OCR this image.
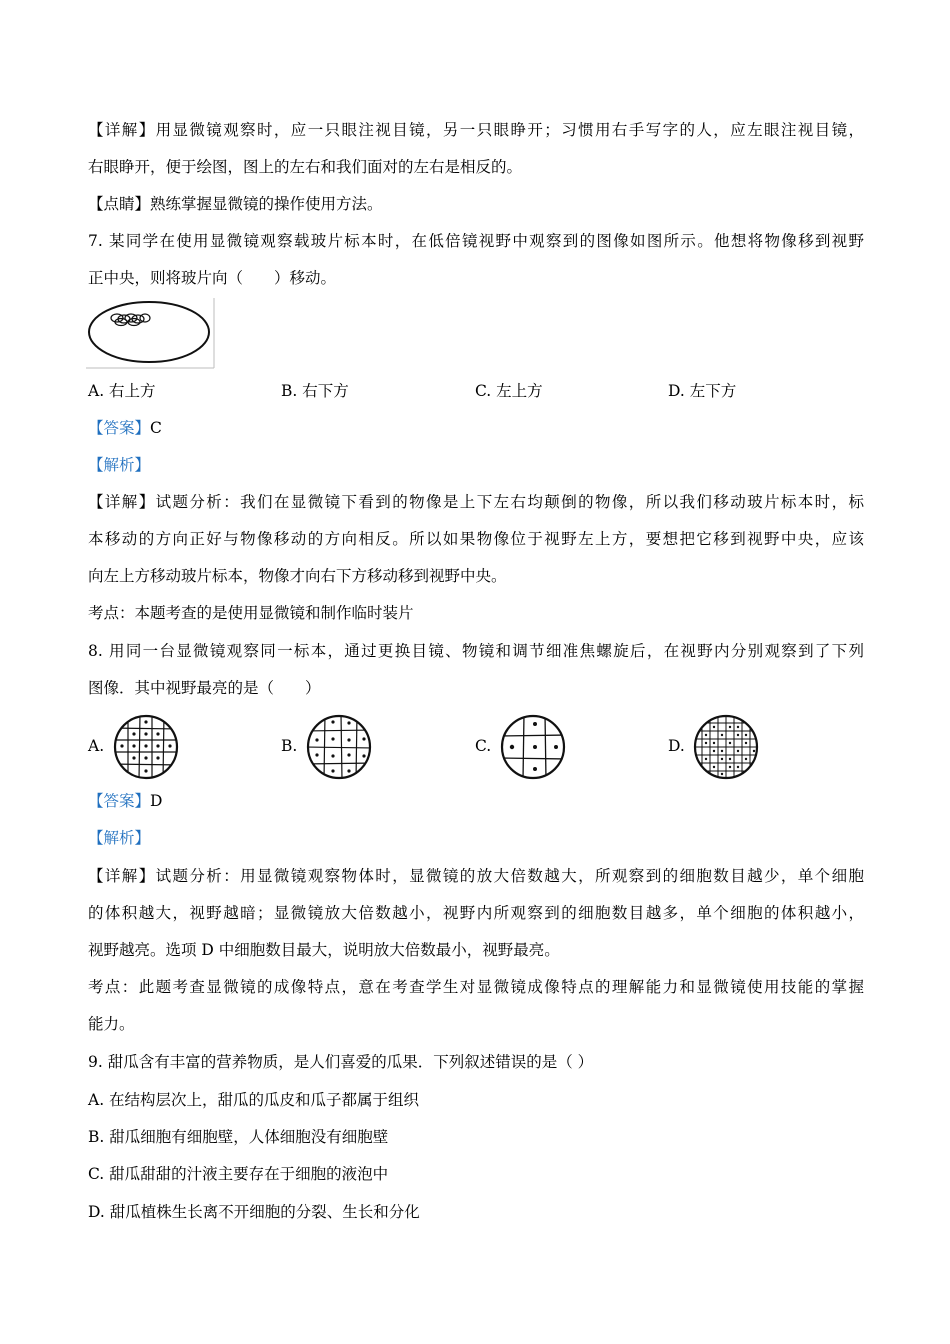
【详解】用显微镜观察时，应一只眼注视目镜，另一只眼睁开；习惯用右手写字的人，应左眼注视目镜，
右眼睁开，便于绘图，图上的左右和我们面对的左右是相反的。
【点睛】熟练掌握显微镜的操作使用方法。
7. 某同学在使用显微镜观察载玻片标本时，在低倍镜视野中观察到的图像如图所示。他想将物像移到视野
正中央，则将玻片向（　　）移动。
A. 右上方	B. 右下方	C. 左上方	D. 左下方
【答案】C
【解析】
【详解】试题分析：我们在显微镜下看到的物像是上下左右均颠倒的物像，所以我们移动玻片标本时，标
本移动的方向正好与物像移动的方向相反。所以如果物像位于视野左上方，要想把它移到视野中央，应该
向左上方移动玻片标本，物像才向右下方移动移到视野中央。
考点：本题考查的是使用显微镜和制作临时装片
8. 用同一台显微镜观察同一标本，通过更换目镜、物镜和调节细准焦螺旋后，在视野内分别观察到了下列
图像．其中视野最亮的是（　　）
A.	B.	C.	D.
【答案】D
【解析】
【详解】试题分析：用显微镜观察物体时，显微镜的放大倍数越大，所观察到的细胞数目越少，单个细胞
的体积越大，视野越暗；显微镜放大倍数越小，视野内所观察到的细胞数目越多，单个细胞的体积越小，
视野越亮。选项 D 中细胞数目最大，说明放大倍数最小，视野最亮。
考点：此题考查显微镜的成像特点，意在考查学生对显微镜成像特点的理解能力和显微镜使用技能的掌握
能力。
9. 甜瓜含有丰富的营养物质，是人们喜爱的瓜果．下列叙述错误的是（ ）
A. 在结构层次上，甜瓜的瓜皮和瓜子都属于组织
B. 甜瓜细胞有细胞壁，人体细胞没有细胞壁
C. 甜瓜甜甜的汁液主要存在于细胞的液泡中
D. 甜瓜植株生长离不开细胞的分裂、生长和分化
